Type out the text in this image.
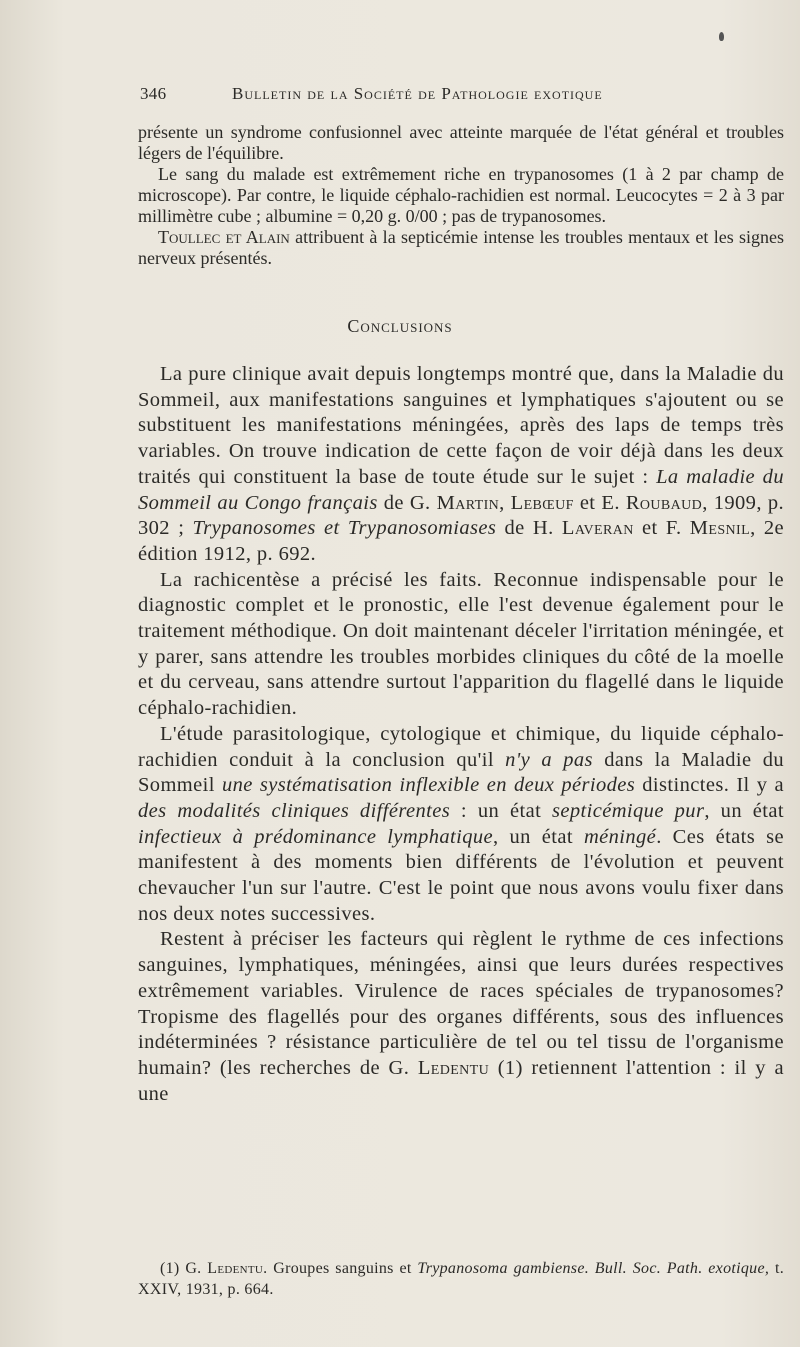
346	Bulletin de la Société de Pathologie exotique

présente un syndrome confusionnel avec atteinte marquée de l'état général et troubles légers de l'équilibre.

Le sang du malade est extrêmement riche en trypanosomes (1 à 2 par champ de microscope). Par contre, le liquide céphalo-rachidien est normal. Leucocytes = 2 à 3 par millimètre cube ; albumine = 0,20 g. 0/00 ; pas de trypanosomes.

Toullec et Alain attribuent à la septicémie intense les troubles mentaux et les signes nerveux présentés.

Conclusions

La pure clinique avait depuis longtemps montré que, dans la Maladie du Sommeil, aux manifestations sanguines et lymphatiques s'ajoutent ou se substituent les manifestations méningées, après des laps de temps très variables. On trouve indication de cette façon de voir déjà dans les deux traités qui constituent la base de toute étude sur le sujet : La maladie du Sommeil au Congo français de G. Martin, Lebœuf et E. Roubaud, 1909, p. 302 ; Trypanosomes et Trypanosomiases de H. Laveran et F. Mesnil, 2e édition 1912, p. 692.

La rachicentèse a précisé les faits. Reconnue indispensable pour le diagnostic complet et le pronostic, elle l'est devenue également pour le traitement méthodique. On doit maintenant déceler l'irritation méningée, et y parer, sans attendre les troubles morbides cliniques du côté de la moelle et du cerveau, sans attendre surtout l'apparition du flagellé dans le liquide céphalo-rachidien.

L'étude parasitologique, cytologique et chimique, du liquide céphalo-rachidien conduit à la conclusion qu'il n'y a pas dans la Maladie du Sommeil une systématisation inflexible en deux périodes distinctes. Il y a des modalités cliniques différentes : un état septicémique pur, un état infectieux à prédominance lymphatique, un état méningé. Ces états se manifestent à des moments bien différents de l'évolution et peuvent chevaucher l'un sur l'autre. C'est le point que nous avons voulu fixer dans nos deux notes successives.

Restent à préciser les facteurs qui règlent le rythme de ces infections sanguines, lymphatiques, méningées, ainsi que leurs durées respectives extrêmement variables. Virulence de races spéciales de trypanosomes? Tropisme des flagellés pour des organes différents, sous des influences indéterminées ? résistance particulière de tel ou tel tissu de l'organisme humain? (les recherches de G. Ledentu (1) retiennent l'attention : il y a une

(1) G. Ledentu. Groupes sanguins et Trypanosoma gambiense. Bull. Soc. Path. exotique, t. XXIV, 1931, p. 664.
